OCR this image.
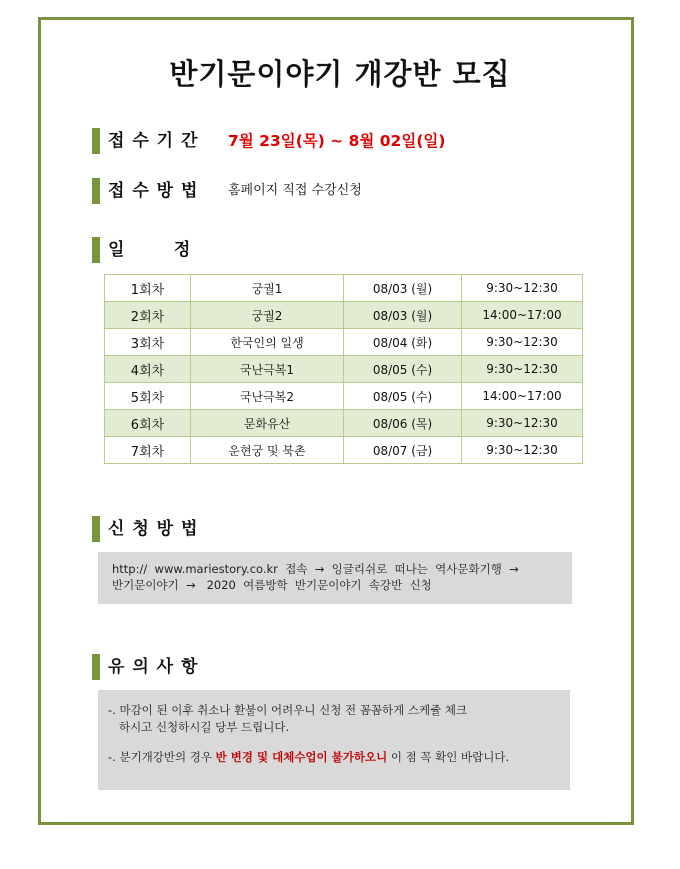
반기문이야기 개강반 모집
접 수 기 간 7월 23일(목) ~ 8월 02일(일)
접 수 방 법 홈페이지 직접 수강신청
일       정
1회차	궁궐1	08/03 (월)	9:30~12:30
2회차	궁궐2	08/03 (월)	14:00~17:00
3회차	한국인의 일생	08/04 (화)	9:30~12:30
4회차	국난극복1	08/05 (수)	9:30~12:30
5회차	국난극복2	08/05 (수)	14:00~17:00
6회차	문화유산	08/06 (목)	9:30~12:30
7회차	운현궁 및 북촌	08/07 (금)	9:30~12:30
신 청 방 법
http://  www.mariestory.co.kr  접속  →  잉글리쉬로  떠나는  역사문화기행  →
반기문이야기  →   2020  여름방학  반기문이야기  속강반  신청
유 의 사 항
-. 마감이 된 이후 취소나 환불이 어려우니 신청 전 꼼꼼하게 스케쥴 체크
하시고 신청하시길 당부 드립니다.
-. 분기개강반의 경우 반 변경 및 대체수업이 불가하오니 이 점 꼭 확인 바랍니다.
